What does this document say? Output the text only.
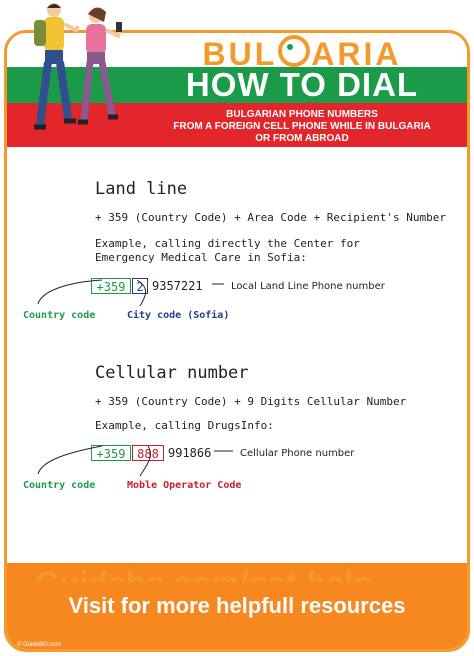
BUL ARIA
HOW TO DIAL
BULGARIAN PHONE NUMBERS
FROM A FOREIGN CELL PHONE WHILE IN BULGARIA
OR FROM ABROAD
Land line
+ 359 (Country Code) + Area Code + Recipient's Number
Example, calling directly the Center for
Emergency Medical Care in Sofia:
+359 2 9357221	Local Land Line Phone number
Country code	City code (Sofia)
Cellular number
+ 359 (Country Code) + 9 Digits Cellular Number
Example, calling DrugsInfo:
+359 888 991866	Cellular Phone number
Country code	Moble Operator Code
Visit for more helpfull resources
© GuideBG.com
